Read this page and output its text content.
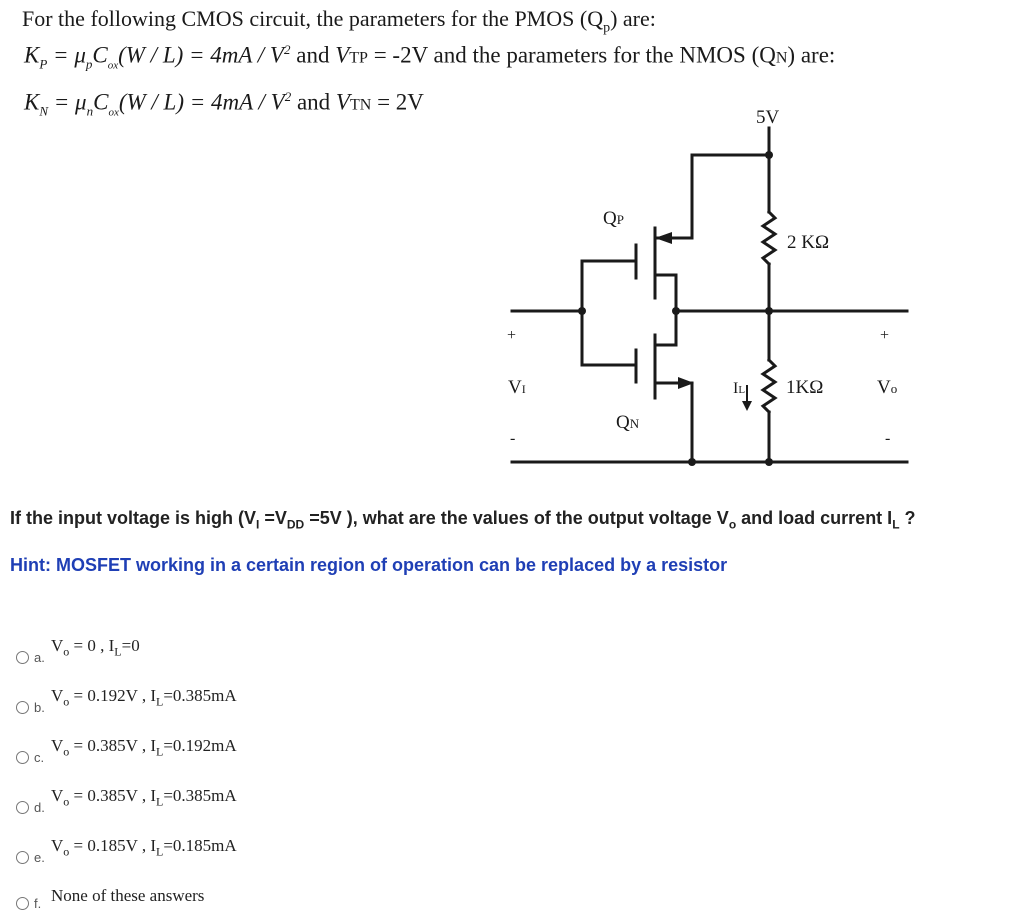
For the following CMOS circuit, the parameters for the PMOS $(Q_p)$ are:
$K_P = \mu_pC_{ox}(W / L) = 4mA / V^2$ and VTP = -2V and the parameters for the NMOS (QN) are:
$K_N = \mu_nC_{ox}(W / L) = 4mA / V^2$ and VTN = 2V
5V
QP
QN
2 KΩ
1KΩ
+
VI
-
+
Vo
-
IL
If the input voltage is high ($V_I =V_{DD} =5V$ ), what are the values of the output voltage $V_o$ and load current $I_L$ ?
Hint: MOSFET working in a certain region of operation can be replaced by a resistor
a.
$V_o = 0$ , $I_L=0$
b.
$V_o = 0.192V$ , $I_L=0.385mA$
c.
$V_o = 0.385V$ , $I_L=0.192mA$
d.
$V_o = 0.385V$ , $I_L=0.385mA$
e.
$V_o = 0.185V$ , $I_L=0.185mA$
f. None of these answers
